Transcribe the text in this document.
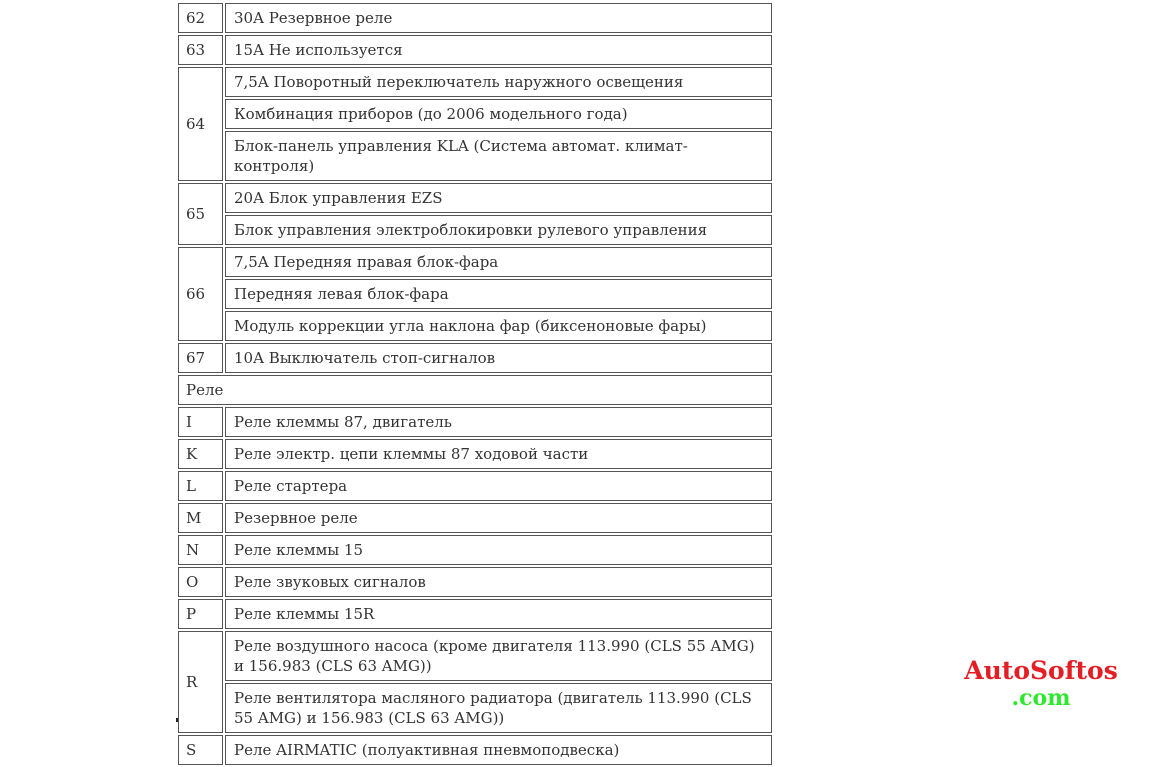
62	30A Резервное реле
63	15A Не используется
64	7,5A Поворотный переключатель наружного освещения
	Комбинация приборов (до 2006 модельного года)
	Блок-панель управления KLA (Система автомат. климат-контроля)
65	20A Блок управления EZS
	Блок управления электроблокировки рулевого управления
66	7,5A Передняя правая блок-фара
	Передняя левая блок-фара
	Модуль коррекции угла наклона фар (биксеноновые фары)
67	10A Выключатель стоп-сигналов
Реле	
I	Реле клеммы 87, двигатель
K	Реле электр. цепи клеммы 87 ходовой части
L	Реле стартера
M	Резервное реле
N	Реле клеммы 15
O	Реле звуковых сигналов
P	Реле клеммы 15R
R	Реле воздушного насоса (кроме двигателя 113.990 (CLS 55 AMG) и 156.983 (CLS 63 AMG))
	Реле вентилятора масляного радиатора (двигатель 113.990 (CLS 55 AMG) и 156.983 (CLS 63 AMG))
S	Реле AIRMATIC (полуактивная пневмоподвеска)
AutoSoftos
.com
